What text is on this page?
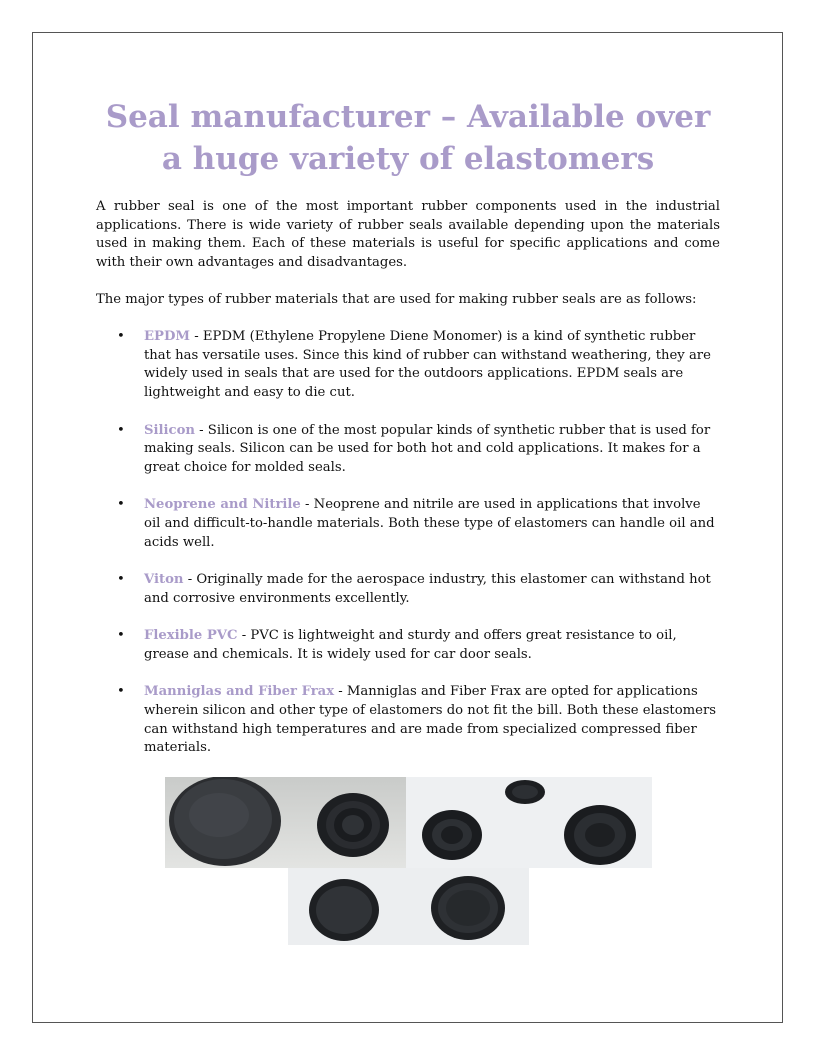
Seal manufacturer – Available over a huge variety of elastomers

A rubber seal is one of the most important rubber components used in the industrial applications. There is wide variety of rubber seals available depending upon the materials used in making them. Each of these materials is useful for specific applications and come with their own advantages and disadvantages.

The major types of rubber materials that are used for making rubber seals are as follows:

• EPDM - EPDM (Ethylene Propylene Diene Monomer) is a kind of synthetic rubber that has versatile uses. Since this kind of rubber can withstand weathering, they are widely used in seals that are used for the outdoors applications. EPDM seals are lightweight and easy to die cut.
• Silicon - Silicon is one of the most popular kinds of synthetic rubber that is used for making seals. Silicon can be used for both hot and cold applications. It makes for a great choice for molded seals.
• Neoprene and Nitrile - Neoprene and nitrile are used in applications that involve oil and difficult-to-handle materials. Both these type of elastomers can handle oil and acids well.
• Viton - Originally made for the aerospace industry, this elastomer can withstand hot and corrosive environments excellently.
• Flexible PVC - PVC is lightweight and sturdy and offers great resistance to oil, grease and chemicals. It is widely used for car door seals.
• Manniglas and Fiber Frax - Manniglas and Fiber Frax are opted for applications wherein silicon and other type of elastomers do not fit the bill. Both these elastomers can withstand high temperatures and are made from specialized compressed fiber materials.
